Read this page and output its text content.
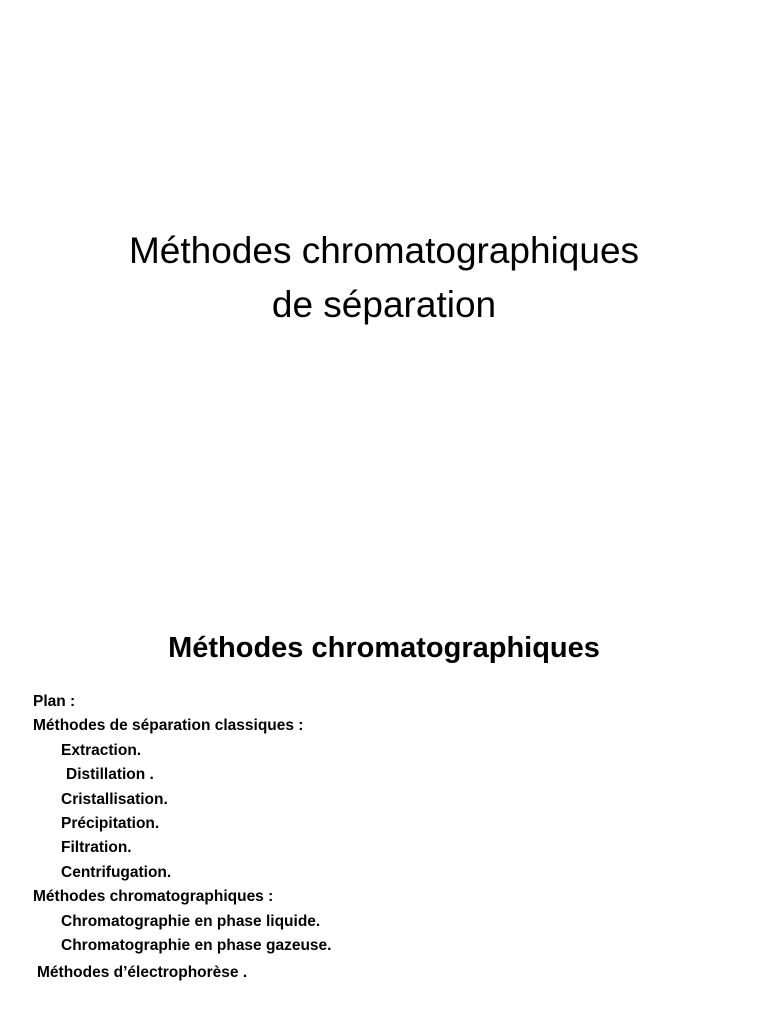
Méthodes chromatographiques
de séparation
Méthodes chromatographiques
Plan :
Méthodes de séparation classiques :
Extraction.
Distillation .
Cristallisation.
Précipitation.
Filtration.
Centrifugation.
Méthodes chromatographiques :
Chromatographie en phase liquide.
Chromatographie en phase gazeuse.
Méthodes d’électrophorèse .
